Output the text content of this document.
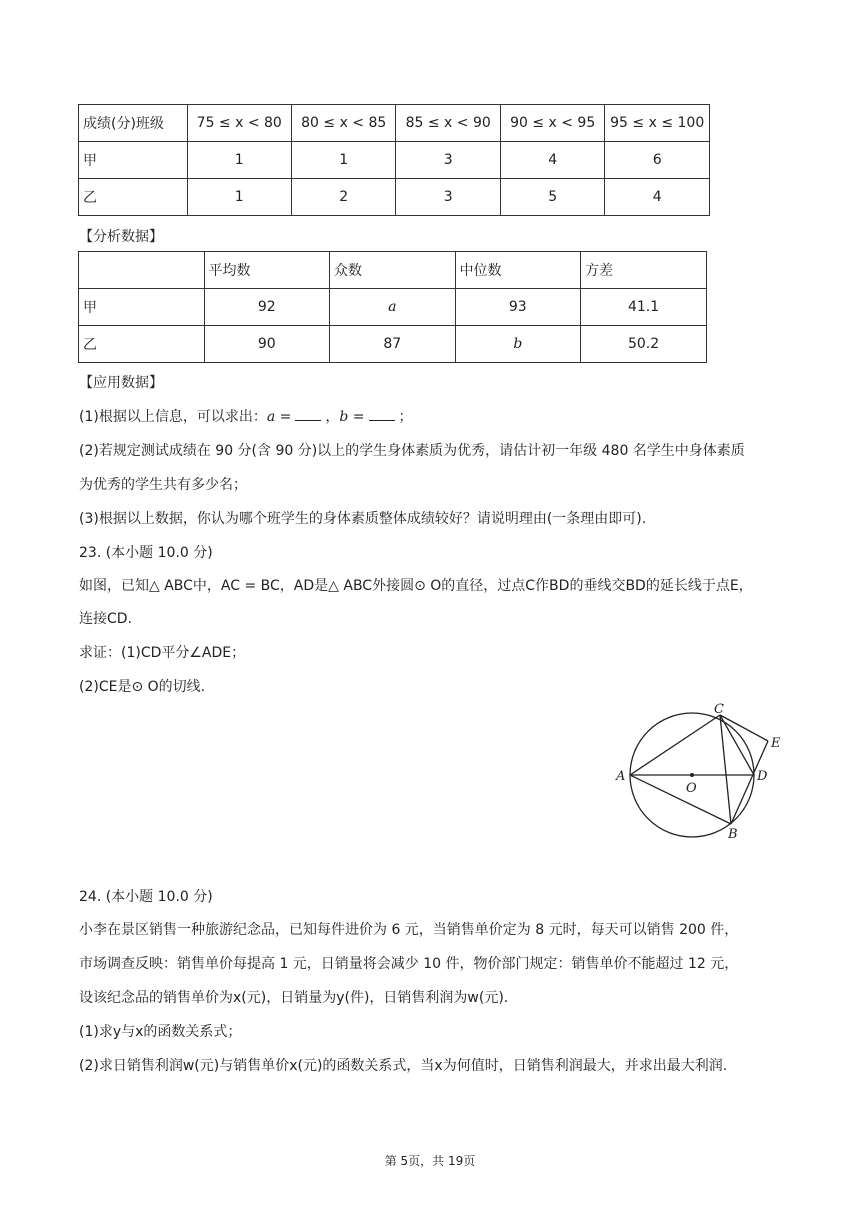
成绩(分)班级	75 ≤ x < 80	80 ≤ x < 85	85 ≤ x < 90	90 ≤ x < 95	95 ≤ x ≤ 100
甲	1	1	3	4	6
乙	1	2	3	5	4
【分析数据】
	平均数	众数	中位数	方差
甲	92	a	93	41.1
乙	90	87	b	50.2
【应用数据】
(1)根据以上信息，可以求出：a = ，b = ；
(2)若规定测试成绩在 90 分(含 90 分)以上的学生身体素质为优秀，请估计初一年级 480 名学生中身体素质
为优秀的学生共有多少名；
(3)根据以上数据，你认为哪个班学生的身体素质整体成绩较好？请说明理由(一条理由即可).
23. (本小题 10.0 分)
如图，已知△ ABC中，AC = BC，AD是△ ABC外接圆⊙ O的直径，过点C作BD的垂线交BD的延长线于点E，
连接CD.
求证：(1)CD平分∠ADE；
(2)CE是⊙ O的切线.
A
O
C
D
E
B
24. (本小题 10.0 分)
小李在景区销售一种旅游纪念品，已知每件进价为 6 元，当销售单价定为 8 元时，每天可以销售 200 件，
市场调查反映：销售单价每提高 1 元，日销量将会减少 10 件，物价部门规定：销售单价不能超过 12 元，
设该纪念品的销售单价为x(元)，日销量为y(件)，日销售利润为w(元).
(1)求y与x的函数关系式；
(2)求日销售利润w(元)与销售单价x(元)的函数关系式，当x为何值时，日销售利润最大，并求出最大利润.
第 5页，共 19页
